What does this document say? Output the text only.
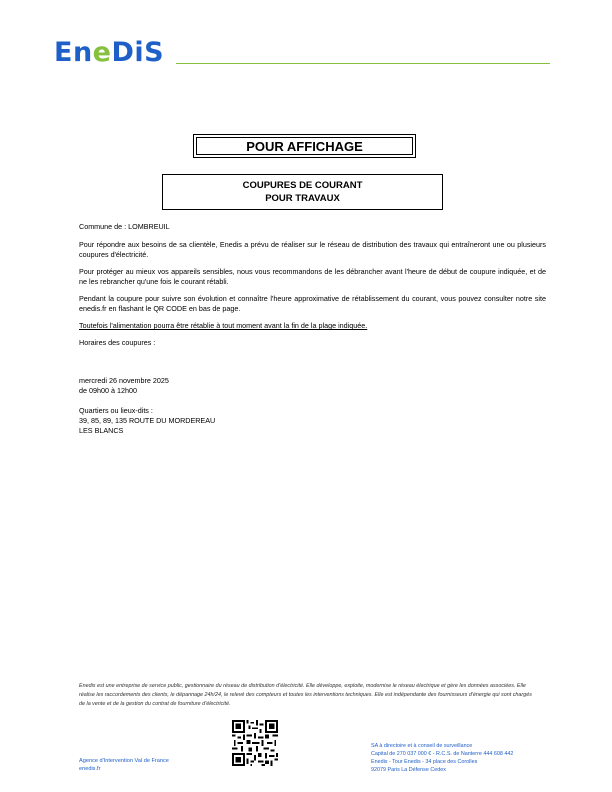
EneDiS
POUR AFFICHAGE
COUPURES DE COURANT
POUR TRAVAUX

Commune de : LOMBREUIL

Pour répondre aux besoins de sa clientèle, Enedis a prévu de réaliser sur le réseau de distribution des travaux qui entraîneront une ou plusieurs coupures d'électricité.

Pour protéger au mieux vos appareils sensibles, nous vous recommandons de les débrancher avant l'heure de début de coupure indiquée, et de ne les rebrancher qu'une fois le courant rétabli.

Pendant la coupure pour suivre son évolution et connaître l'heure approximative de rétablissement du courant, vous pouvez consulter notre site enedis.fr en flashant le QR CODE en bas de page.

Toutefois l'alimentation pourra être rétablie à tout moment avant la fin de la plage indiquée.

Horaires des coupures :

mercredi 26 novembre 2025

de 09h00 à 12h00

Quartiers ou lieux-dits :

39, 85, 89, 135 ROUTE DU MORDEREAU

LES BLANCS

Enedis est une entreprise de service public, gestionnaire du réseau de distribution d'électricité. Elle développe, exploite, modernise le réseau électrique et gère les données associées. Elle réalise les raccordements des clients, le dépannage 24h/24, le relevé des compteurs et toutes les interventions techniques. Elle est indépendante des fournisseurs d'énergie qui sont chargés de la vente et de la gestion du contrat de fourniture d'électricité.
Agence d'Intervention Val de France
enedis.fr
SA à directoire et à conseil de surveillance
Capital de 270 037 000 € - R.C.S. de Nanterre 444 608 442
Enedis - Tour Enedis - 34 place des Corolles
92079 Paris La Défense Cedex
